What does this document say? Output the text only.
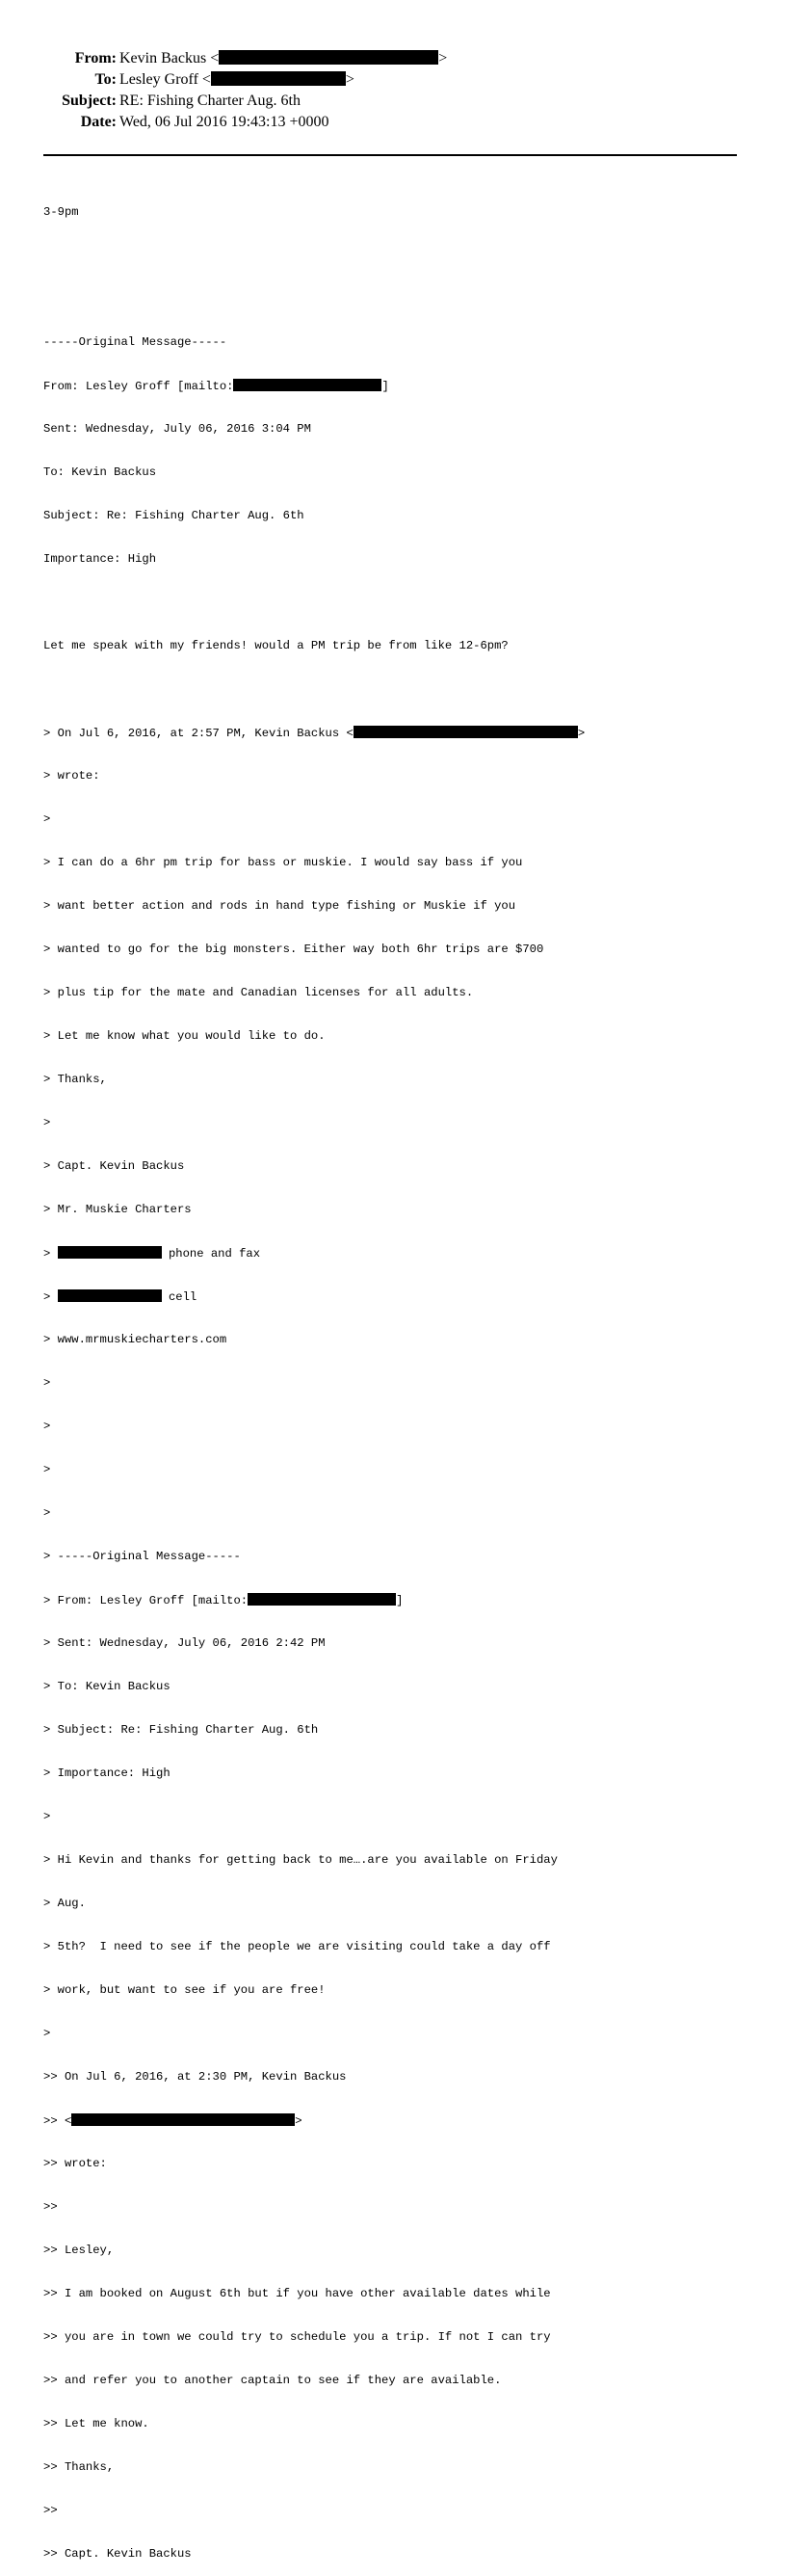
From: Kevin Backus <	>
To: Lesley Groff <	>
Subject: RE: Fishing Charter Aug. 6th
Date: Wed, 06 Jul 2016 19:43:13 +0000

3-9pm

-----Original Message-----

From: Lesley Groff [mailto:	]

Sent: Wednesday, July 06, 2016 3:04 PM

To: Kevin Backus

Subject: Re: Fishing Charter Aug. 6th

Importance: High

Let me speak with my friends! would a PM trip be from like 12-6pm?

> On Jul 6, 2016, at 2:57 PM, Kevin Backus <	>

> wrote:

>

> I can do a 6hr pm trip for bass or muskie. I would say bass if you

> want better action and rods in hand type fishing or Muskie if you

> wanted to go for the big monsters. Either way both 6hr trips are $700

> plus tip for the mate and Canadian licenses for all adults.

> Let me know what you would like to do.

> Thanks,

>

> Capt. Kevin Backus

> Mr. Muskie Charters

>	phone and fax

>	cell

> www.mrmuskiecharters.com

>

>

>

>

> -----Original Message-----

> From: Lesley Groff [mailto:	]

> Sent: Wednesday, July 06, 2016 2:42 PM

> To: Kevin Backus

> Subject: Re: Fishing Charter Aug. 6th

> Importance: High

>

> Hi Kevin and thanks for getting back to me….are you available on Friday

> Aug.

> 5th?  I need to see if the people we are visiting could take a day off

> work, but want to see if you are free!

>

>> On Jul 6, 2016, at 2:30 PM, Kevin Backus

>> <	>

>> wrote:

>>

>> Lesley,

>> I am booked on August 6th but if you have other available dates while

>> you are in town we could try to schedule you a trip. If not I can try

>> and refer you to another captain to see if they are available.

>> Let me know.

>> Thanks,

>>

>> Capt. Kevin Backus
